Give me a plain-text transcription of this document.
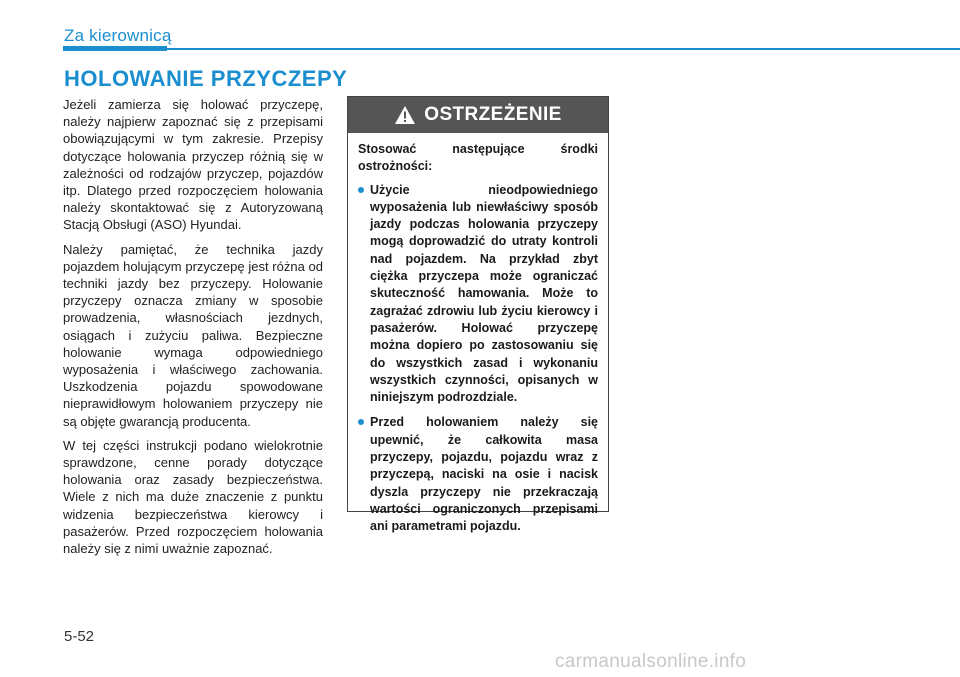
Za kierownicą
HOLOWANIE PRZYCZEPY

Jeżeli zamierza się holować przyczepę, należy najpierw zapoznać się z przepisami obowiązującymi w tym zakresie. Przepisy dotyczące holowania przyczep różnią się w zależności od rodzajów przyczep, pojazdów itp. Dlatego przed rozpoczęciem holowania należy skontaktować się z Autoryzowaną Stacją Obsługi (ASO) Hyundai.

Należy pamiętać, że technika jazdy pojazdem holującym przyczepę jest różna od techniki jazdy bez przyczepy. Holowanie przyczepy oznacza zmiany w sposobie prowadzenia, własnościach jezdnych, osiągach i zużyciu paliwa. Bezpieczne holowanie wymaga odpowiedniego wyposażenia i właściwego zachowania. Uszkodzenia pojazdu spowodowane nieprawidłowym holowaniem przyczepy nie są objęte gwarancją producenta.

W tej części instrukcji podano wielokrotnie sprawdzone, cenne porady dotyczące holowania oraz zasady bezpieczeństwa. Wiele z nich ma duże znaczenie z punktu widzenia bezpieczeństwa kierowcy i pasażerów. Przed rozpoczęciem holowania należy się z nimi uważnie zapoznać.

OSTRZEŻENIE

Stosować następujące środki ostrożności:

Użycie nieodpowiedniego wyposażenia lub niewłaściwy sposób jazdy podczas holowania przyczepy mogą doprowadzić do utraty kontroli nad pojazdem. Na przykład zbyt ciężka przyczepa może ograniczać skuteczność hamowania. Może to zagrażać zdrowiu lub życiu kierowcy i pasażerów. Holować przyczepę można dopiero po zastosowaniu się do wszystkich zasad i wykonaniu wszystkich czynności, opisanych w niniejszym podrozdziale.
Przed holowaniem należy się upewnić, że całkowita masa przyczepy, pojazdu, pojazdu wraz z przyczepą, naciski na osie i nacisk dyszla przyczepy nie przekraczają wartości ograniczonych przepisami ani parametrami pojazdu.
5-52
carmanualsonline.info
